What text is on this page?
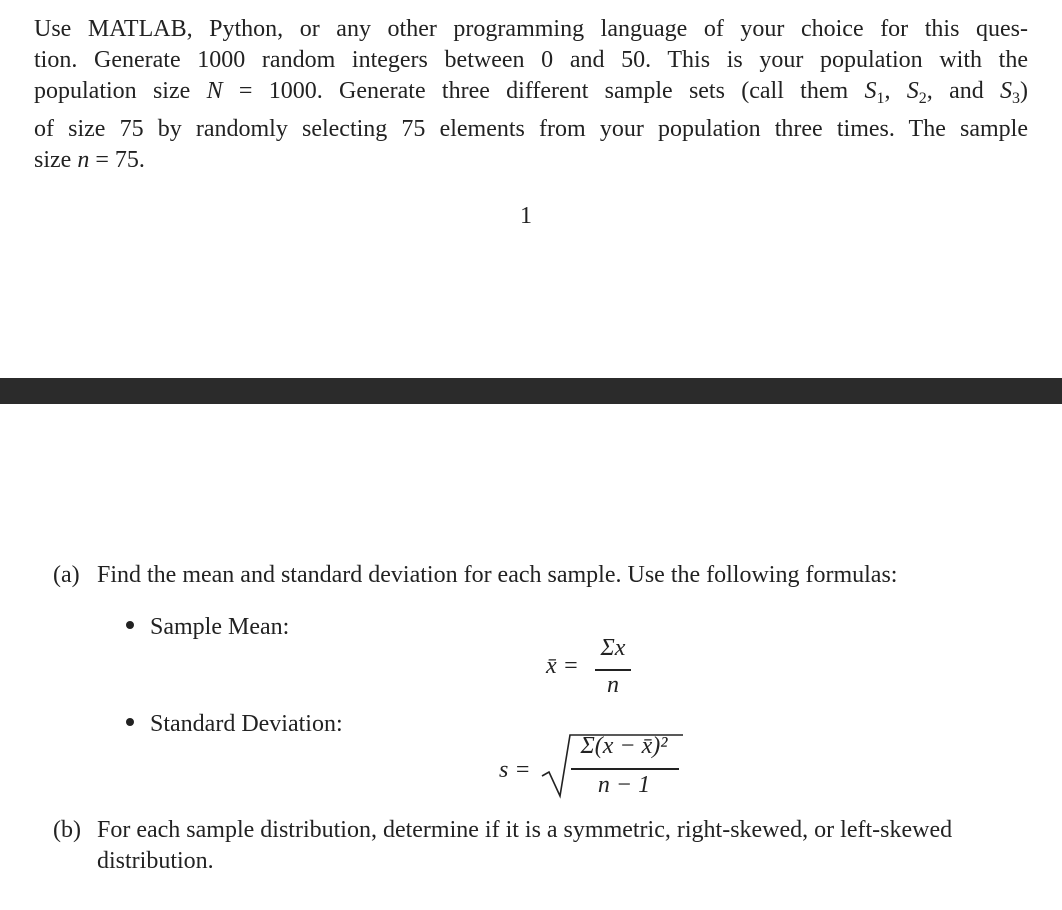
Use MATLAB, Python, or any other programming language of your choice for this ques-
tion. Generate 1000 random integers between 0 and 50. This is your population with the
population size N = 1000. Generate three different sample sets (call them $S_1$, $S_2$, and $S_3$)
of size 75 by randomly selecting 75 elements from your population three times. The sample
size n = 75.
1
(a) Find the mean and standard deviation for each sample. Use the following formulas:
Sample Mean:
x̄ =
Σx
n
Standard Deviation:
s =
Σ(x − x̄)²
n − 1
(b) For each sample distribution, determine if it is a symmetric, right-skewed, or left-skewed
distribution.
